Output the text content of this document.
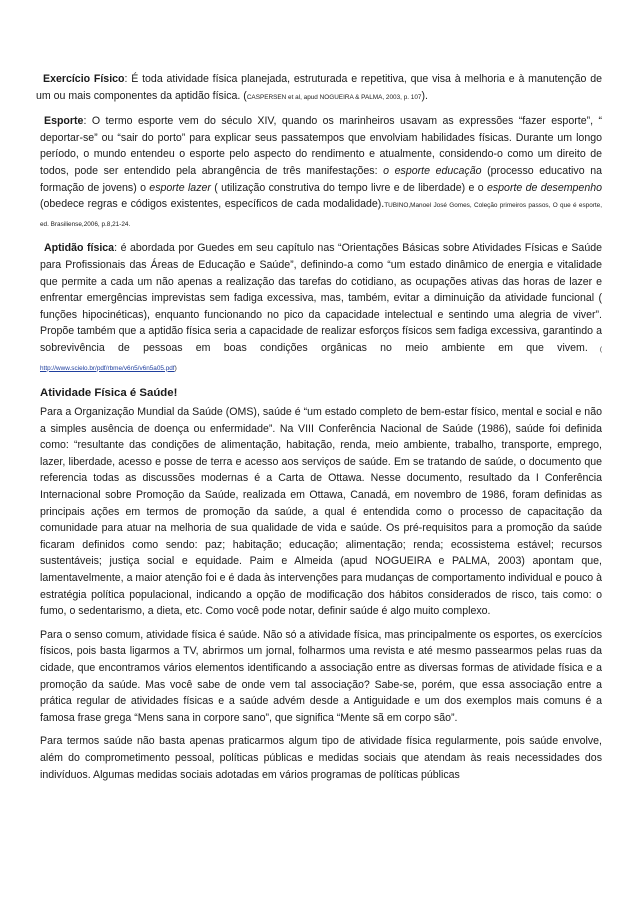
Exercício Físico: É toda atividade física planejada, estruturada e repetitiva, que visa à melhoria e à manutenção de um ou mais componentes da aptidão física. (CASPERSEN et al, apud NOGUEIRA & PALMA, 2003, p. 107).

Esporte: O termo esporte vem do século XIV, quando os marinheiros usavam as expressões “fazer esporte”, “ deportar-se” ou “sair do porto” para explicar seus passatempos que envolviam habilidades físicas. Durante um longo período, o mundo entendeu o esporte pelo aspecto do rendimento e atualmente, considendo-o como um direito de todos, pode ser entendido pela abrangência de três manifestações: o esporte educação (processo educativo na formação de jovens) o esporte lazer ( utilização construtiva do tempo livre e de liberdade) e o esporte de desempenho (obedece regras e códigos existentes, específicos de cada modalidade).TUBINO,Manoel José Gomes, Coleção primeiros passos, O que é esporte, ed. Brasiliense,2006, p.8,21-24.

Aptidão física: é abordada por Guedes em seu capítulo nas “Orientações Básicas sobre Atividades Físicas e Saúde para Profissionais das Áreas de Educação e Saúde”, definindo-a como “um estado dinâmico de energia e vitalidade que permite a cada um não apenas a realização das tarefas do cotidiano, as ocupações ativas das horas de lazer e enfrentar emergências imprevistas sem fadiga excessiva, mas, também, evitar a diminuição da atividade funcional ( funções hipocinéticas), enquanto funcionando no pico da capacidade intelectual e sentindo uma alegria de viver”. Propõe também que a aptidão física seria a capacidade de realizar esforços físicos sem fadiga excessiva, garantindo a sobrevivência de pessoas em boas condições orgânicas no meio ambiente em que vivem. ( http://www.scielo.br/pdf/rbme/v6n5/v6n5a05.pdf)

Atividade Física é Saúde!

Para a Organização Mundial da Saúde (OMS), saúde é “um estado completo de bem-estar físico, mental e social e não a simples ausência de doença ou enfermidade”. Na VIII Conferência Nacional de Saúde (1986), saúde foi definida como: “resultante das condições de alimentação, habitação, renda, meio ambiente, trabalho, transporte, emprego, lazer, liberdade, acesso e posse de terra e acesso aos serviços de saúde. Em se tratando de saúde, o documento que referencia todas as discussões modernas é a Carta de Ottawa. Nesse documento, resultado da I Conferência Internacional sobre Promoção da Saúde, realizada em Ottawa, Canadá, em novembro de 1986, foram definidas as principais ações em termos de promoção da saúde, a qual é entendida como o processo de capacitação da comunidade para atuar na melhoria de sua qualidade de vida e saúde. Os pré-requisitos para a promoção da saúde ficaram definidos como sendo: paz; habitação; educação; alimentação; renda; ecossistema estável; recursos sustentáveis; justiça social e equidade. Paim e Almeida (apud NOGUEIRA e PALMA, 2003) apontam que, lamentavelmente, a maior atenção foi e é dada às intervenções para mudanças de comportamento individual e pouco à estratégia política populacional, indicando a opção de modificação dos hábitos considerados de risco, tais como: o fumo, o sedentarismo, a dieta, etc. Como você pode notar, definir saúde é algo muito complexo.

Para o senso comum, atividade física é saúde. Não só a atividade física, mas principalmente os esportes, os exercícios físicos, pois basta ligarmos a TV, abrirmos um jornal, folharmos uma revista e até mesmo passearmos pelas ruas da cidade, que encontramos vários elementos identificando a associação entre as diversas formas de atividade física e a promoção da saúde. Mas você sabe de onde vem tal associação? Sabe-se, porém, que essa associação entre a prática regular de atividades físicas e a saúde advém desde a Antiguidade e um dos exemplos mais comuns é a famosa frase grega “Mens sana in corpore sano”, que significa “Mente sã em corpo são”.

Para termos saúde não basta apenas praticarmos algum tipo de atividade física regularmente, pois saúde envolve, além do comprometimento pessoal, políticas públicas e medidas sociais que atendam às reais necessidades dos indivíduos. Algumas medidas sociais adotadas em vários programas de políticas públicas
